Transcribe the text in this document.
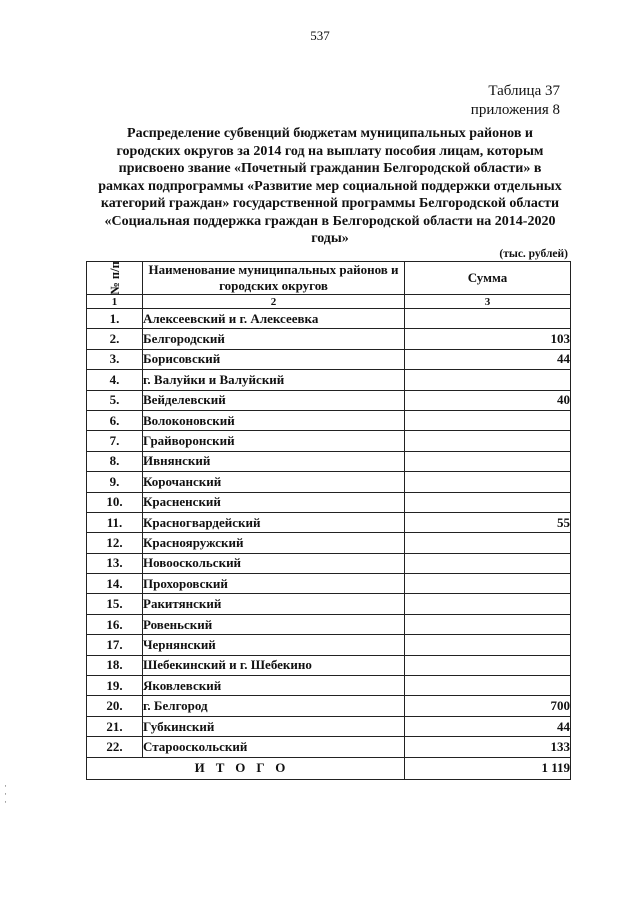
537
Таблица 37
приложения 8
Распределение субвенций бюджетам муниципальных районов и городских округов за 2014 год на выплату пособия лицам, которым присвоено звание «Почетный гражданин Белгородской области» в рамках подпрограммы «Развитие мер социальной поддержки отдельных категорий граждан» государственной программы Белгородской области «Социальная поддержка граждан в Белгородской области на 2014-2020 годы»
(тыс. рублей)
№ п/п	Наименование муниципальных районов и городских округов	Сумма
1	2	3
1.	Алексеевский и г. Алексеевка	
2.	Белгородский	103
3.	Борисовский	44
4.	г. Валуйки и Валуйский	
5.	Вейделевский	40
6.	Волоконовский	
7.	Грайворонский	
8.	Ивнянский	
9.	Корочанский	
10.	Красненский	
11.	Красногвардейский	55
12.	Краснояружский	
13.	Новооскольский	
14.	Прохоровский	
15.	Ракитянский	
16.	Ровеньский	
17.	Чернянский	
18.	Шебекинский и г. Шебекино	
19.	Яковлевский	
20.	г. Белгород	700
21.	Губкинский	44
22.	Старооскольский	133
ИТОГО		1 119
·
·
·
